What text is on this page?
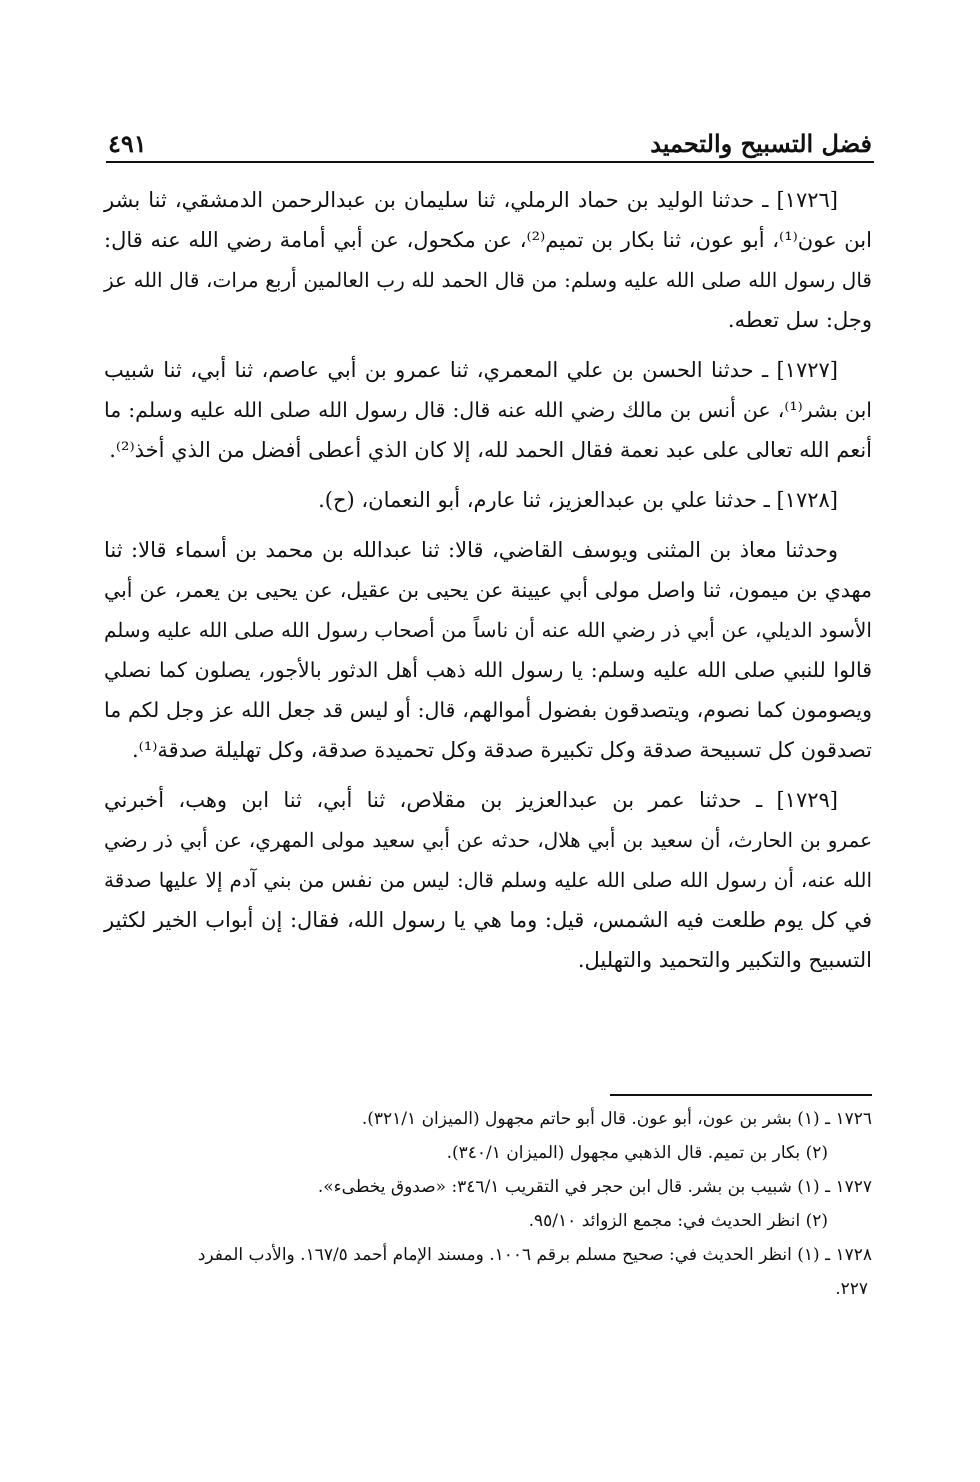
فضل التسبيح والتحميد
٤٩١

[١٧٢٦] ـ حدثنا الوليد بن حماد الرملي، ثنا سليمان بن عبدالرحمن الدمشقي، ثنا بشر
ابن عون⁽¹⁾، أبو عون، ثنا بكار بن تميم⁽²⁾، عن مكحول، عن أبي أمامة رضي الله عنه قال:
قال رسول الله صلى الله عليه وسلم: من قال الحمد لله رب العالمين أربع مرات، قال الله عز
وجل: سل تعطه.

[١٧٢٧] ـ حدثنا الحسن بن علي المعمري، ثنا عمرو بن أبي عاصم، ثنا أبي، ثنا شبيب
ابن بشر⁽¹⁾، عن أنس بن مالك رضي الله عنه قال: قال رسول الله صلى الله عليه وسلم: ما
أنعم الله تعالى على عبد نعمة فقال الحمد لله، إلا كان الذي أعطى أفضل من الذي أخذ⁽²⁾.

[١٧٢٨] ـ حدثنا علي بن عبدالعزيز، ثنا عارم، أبو النعمان، (ح).

وحدثنا معاذ بن المثنى ويوسف القاضي، قالا: ثنا عبدالله بن محمد بن أسماء قالا: ثنا
مهدي بن ميمون، ثنا واصل مولى أبي عيينة عن يحيى بن عقيل، عن يحيى بن يعمر، عن أبي
الأسود الديلي، عن أبي ذر رضي الله عنه أن ناساً من أصحاب رسول الله صلى الله عليه وسلم
قالوا للنبي صلى الله عليه وسلم: يا رسول الله ذهب أهل الدثور بالأجور، يصلون كما نصلي
ويصومون كما نصوم، ويتصدقون بفضول أموالهم، قال: أو ليس قد جعل الله عز وجل لكم ما
تصدقون كل تسبيحة صدقة وكل تكبيرة صدقة وكل تحميدة صدقة، وكل تهليلة صدقة⁽¹⁾.

[١٧٢٩] ـ حدثنا عمر بن عبدالعزيز بن مقلاص، ثنا أبي، ثنا ابن وهب، أخبرني
عمرو بن الحارث، أن سعيد بن أبي هلال، حدثه عن أبي سعيد مولى المهري، عن أبي ذر رضي
الله عنه، أن رسول الله صلى الله عليه وسلم قال: ليس من نفس من بني آدم إلا عليها صدقة
في كل يوم طلعت فيه الشمس، قيل: وما هي يا رسول الله، فقال: إن أبواب الخير لكثير
التسبيح والتكبير والتحميد والتهليل.

١٧٢٦ ـ (١) بشر بن عون، أبو عون. قال أبو حاتم مجهول (الميزان ٣٢١/١).
(٢) بكار بن تميم. قال الذهبي مجهول (الميزان ٣٤٠/١).
١٧٢٧ ـ (١) شبيب بن بشر. قال ابن حجر في التقريب ٣٤٦/١: «صدوق يخطىء».
(٢) انظر الحديث في: مجمع الزوائد ٩٥/١٠.
١٧٢٨ ـ (١) انظر الحديث في: صحيح مسلم برقم ١٠٠٦. ومسند الإمام أحمد ١٦٧/٥. والأدب المفرد
٢٢٧.
